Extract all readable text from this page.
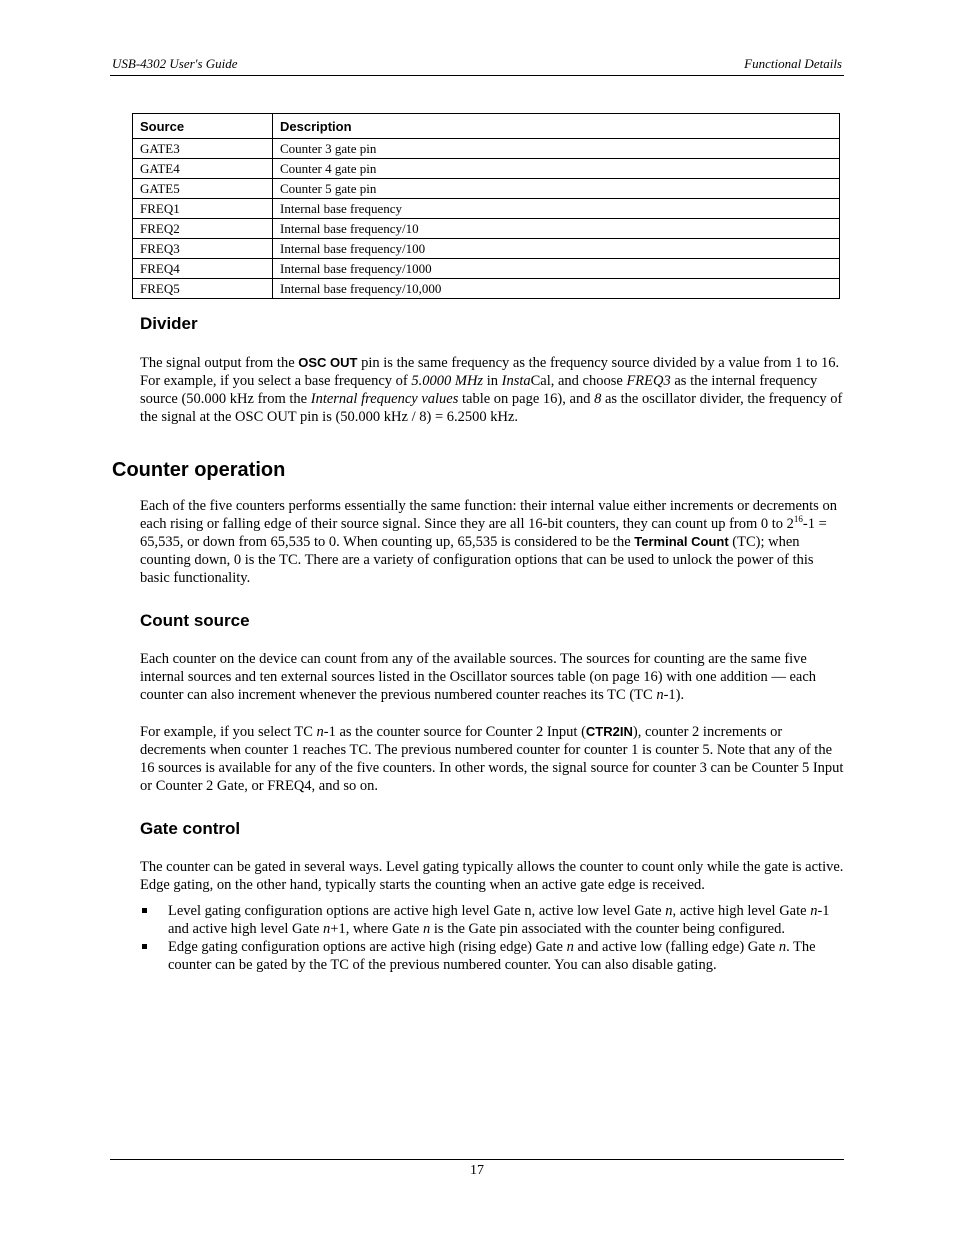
USB-4302 User's Guide	Functional Details
Source	Description
GATE3	Counter 3 gate pin
GATE4	Counter 4 gate pin
GATE5	Counter 5 gate pin
FREQ1	Internal base frequency
FREQ2	Internal base frequency/10
FREQ3	Internal base frequency/100
FREQ4	Internal base frequency/1000
FREQ5	Internal base frequency/10,000
Divider
The signal output from the OSC OUT pin is the same frequency as the frequency source divided by a value from 1 to 16. For example, if you select a base frequency of 5.0000 MHz in InstaCal, and choose FREQ3 as the internal frequency source (50.000 kHz from the Internal frequency values table on page 16), and 8 as the oscillator divider, the frequency of the signal at the OSC OUT pin is (50.000 kHz / 8) = 6.2500 kHz.
Counter operation
Each of the five counters performs essentially the same function: their internal value either increments or decrements on each rising or falling edge of their source signal. Since they are all 16-bit counters, they can count up from 0 to $2^{16}-1 = 65,535$, or down from 65,535 to 0. When counting up, 65,535 is considered to be the Terminal Count (TC); when counting down, 0 is the TC. There are a variety of configuration options that can be used to unlock the power of this basic functionality.
Count source
Each counter on the device can count from any of the available sources. The sources for counting are the same five internal sources and ten external sources listed in the Oscillator sources table (on page 16) with one addition — each counter can also increment whenever the previous numbered counter reaches its TC (TC n-1).
For example, if you select TC n-1 as the counter source for Counter 2 Input (CTR2IN), counter 2 increments or decrements when counter 1 reaches TC. The previous numbered counter for counter 1 is counter 5. Note that any of the 16 sources is available for any of the five counters. In other words, the signal source for counter 3 can be Counter 5 Input or Counter 2 Gate, or FREQ4, and so on.
Gate control
The counter can be gated in several ways. Level gating typically allows the counter to count only while the gate is active. Edge gating, on the other hand, typically starts the counting when an active gate edge is received.
Level gating configuration options are active high level Gate n, active low level Gate n, active high level Gate n-1 and active high level Gate n+1, where Gate n is the Gate pin associated with the counter being configured.
Edge gating configuration options are active high (rising edge) Gate n and active low (falling edge) Gate n. The counter can be gated by the TC of the previous numbered counter. You can also disable gating.
17
